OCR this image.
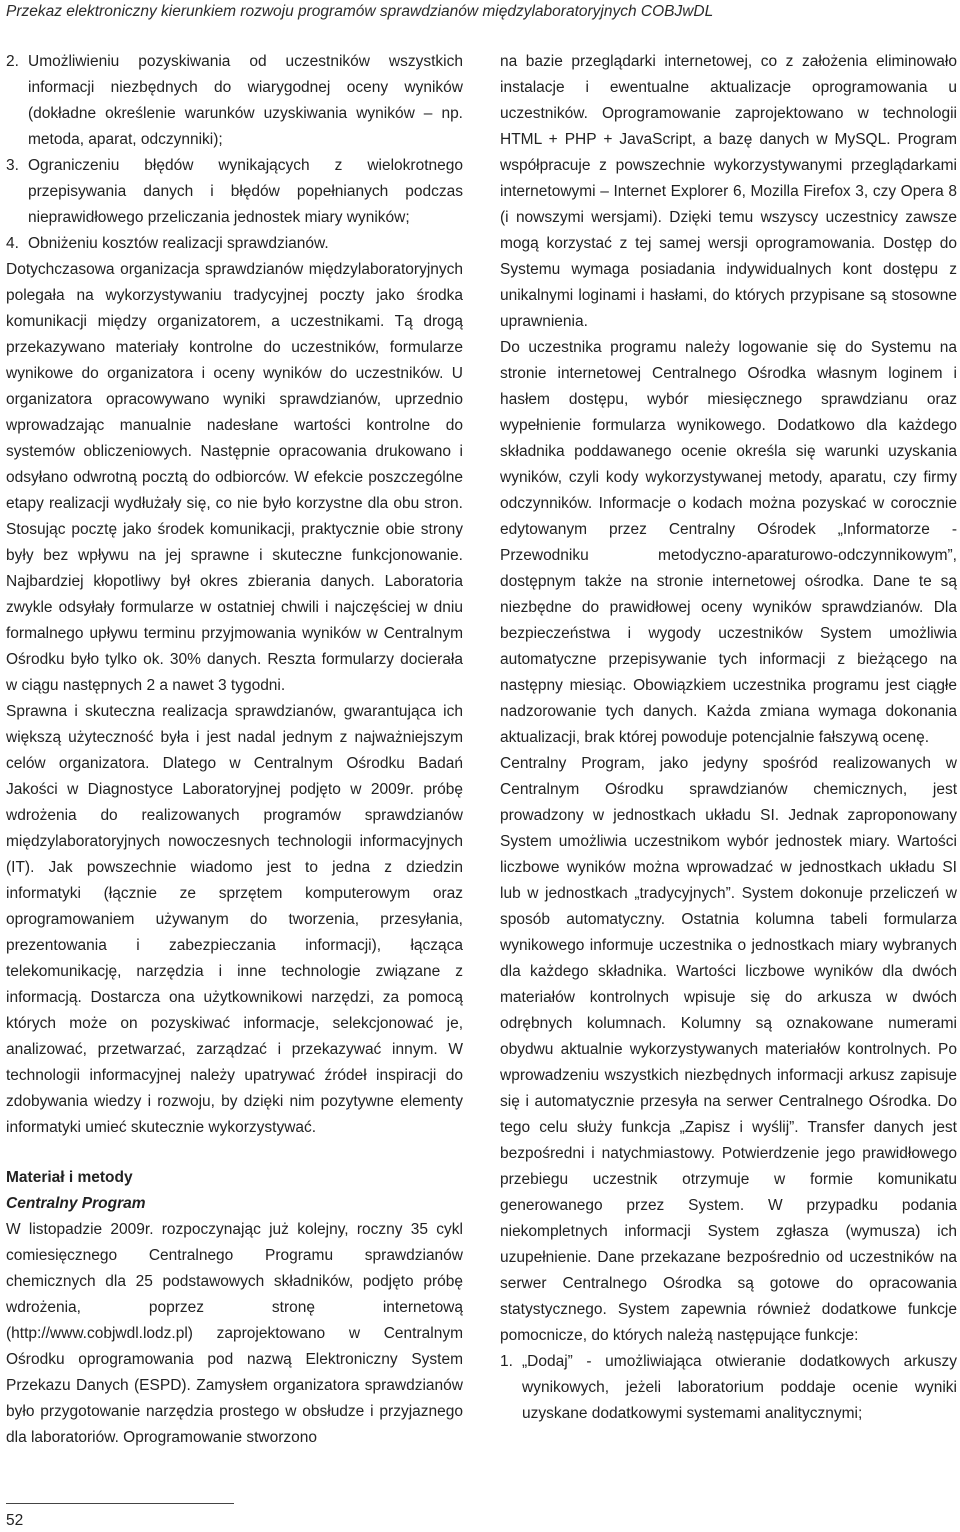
Przekaz elektroniczny kierunkiem rozwoju programów sprawdzianów międzylaboratoryjnych COBJwDL
2. Umożliwieniu pozyskiwania od uczestników wszystkich informacji niezbędnych do wiarygodnej oceny wyników (dokładne określenie warunków uzyskiwania wyników – np. metoda, aparat, odczynniki);
3. Ograniczeniu błędów wynikających z wielokrotnego przepisywania danych i błędów popełnianych podczas nieprawidłowego przeliczania jednostek miary wyników;
4. Obniżeniu kosztów realizacji sprawdzianów.

Dotychczasowa organizacja sprawdzianów międzylaboratoryjnych polegała na wykorzystywaniu tradycyjnej poczty jako środka komunikacji między organizatorem, a uczestnikami. Tą drogą przekazywano materiały kontrolne do uczestników, formularze wynikowe do organizatora i oceny wyników do uczestników. U organizatora opracowywano wyniki sprawdzianów, uprzednio wprowadzając manualnie nadesłane wartości kontrolne do systemów obliczeniowych. Następnie opracowania drukowano i odsyłano odwrotną pocztą do odbiorców. W efekcie poszczególne etapy realizacji wydłużały się, co nie było korzystne dla obu stron. Stosując pocztę jako środek komunikacji, praktycznie obie strony były bez wpływu na jej sprawne i skuteczne funkcjonowanie. Najbardziej kłopotliwy był okres zbierania danych. Laboratoria zwykle odsyłały formularze w ostatniej chwili i najczęściej w dniu formalnego upływu terminu przyjmowania wyników w Centralnym Ośrodku było tylko ok. 30% danych. Reszta formularzy docierała w ciągu następnych 2 a nawet 3 tygodni.

Sprawna i skuteczna realizacja sprawdzianów, gwarantująca ich większą użyteczność była i jest nadal jednym z najważniejszym celów organizatora. Dlatego w Centralnym Ośrodku Badań Jakości w Diagnostyce Laboratoryjnej podjęto w 2009r. próbę wdrożenia do realizowanych programów sprawdzianów międzylaboratoryjnych nowoczesnych technologii informacyjnych (IT). Jak powszechnie wiadomo jest to jedna z dziedzin informatyki (łącznie ze sprzętem komputerowym oraz oprogramowaniem używanym do tworzenia, przesyłania, prezentowania i zabezpieczania informacji), łącząca telekomunikację, narzędzia i inne technologie związane z informacją. Dostarcza ona użytkownikowi narzędzi, za pomocą których może on pozyskiwać informacje, selekcjonować je, analizować, przetwarzać, zarządzać i przekazywać innym. W technologii informacyjnej należy upatrywać źródeł inspiracji do zdobywania wiedzy i rozwoju, by dzięki nim pozytywne elementy informatyki umieć skutecznie wykorzystywać.

Materiał i metody
Centralny Program

W listopadzie 2009r. rozpoczynając już kolejny, roczny 35 cykl comiesięcznego Centralnego Programu sprawdzianów chemicznych dla 25 podstawowych składników, podjęto próbę wdrożenia, poprzez stronę internetową (http://www.cobjwdl.lodz.pl) zaprojektowano w Centralnym Ośrodku oprogramowania pod nazwą Elektroniczny System Przekazu Danych (ESPD). Zamysłem organizatora sprawdzianów było przygotowanie narzędzia prostego w obsłudze i przyjaznego dla laboratoriów. Oprogramowanie stworzono

na bazie przeglądarki internetowej, co z założenia eliminowało instalacje i ewentualne aktualizacje oprogramowania u uczestników. Oprogramowanie zaprojektowano w technologii HTML + PHP + JavaScript, a bazę danych w MySQL. Program współpracuje z powszechnie wykorzystywanymi przeglądarkami internetowymi – Internet Explorer 6, Mozilla Firefox 3, czy Opera 8 (i nowszymi wersjami). Dzięki temu wszyscy uczestnicy zawsze mogą korzystać z tej samej wersji oprogramowania. Dostęp do Systemu wymaga posiadania indywidualnych kont dostępu z unikalnymi loginami i hasłami, do których przypisane są stosowne uprawnienia.

Do uczestnika programu należy logowanie się do Systemu na stronie internetowej Centralnego Ośrodka własnym loginem i hasłem dostępu, wybór miesięcznego sprawdzianu oraz wypełnienie formularza wynikowego. Dodatkowo dla każdego składnika poddawanego ocenie określa się warunki uzyskania wyników, czyli kody wykorzystywanej metody, aparatu, czy firmy odczynników. Informacje o kodach można pozyskać w corocznie edytowanym przez Centralny Ośrodek „Informatorze - Przewodniku metodyczno-aparaturowo-odczynnikowym”, dostępnym także na stronie internetowej ośrodka. Dane te są niezbędne do prawidłowej oceny wyników sprawdzianów. Dla bezpieczeństwa i wygody uczestników System umożliwia automatyczne przepisywanie tych informacji z bieżącego na następny miesiąc. Obowiązkiem uczestnika programu jest ciągłe nadzorowanie tych danych. Każda zmiana wymaga dokonania aktualizacji, brak której powoduje potencjalnie fałszywą ocenę.

Centralny Program, jako jedyny spośród realizowanych w Centralnym Ośrodku sprawdzianów chemicznych, jest prowadzony w jednostkach układu SI. Jednak zaproponowany System umożliwia uczestnikom wybór jednostek miary. Wartości liczbowe wyników można wprowadzać w jednostkach układu SI lub w jednostkach „tradycyjnych”. System dokonuje przeliczeń w sposób automatyczny. Ostatnia kolumna tabeli formularza wynikowego informuje uczestnika o jednostkach miary wybranych dla każdego składnika. Wartości liczbowe wyników dla dwóch materiałów kontrolnych wpisuje się do arkusza w dwóch odrębnych kolumnach. Kolumny są oznakowane numerami obydwu aktualnie wykorzystywanych materiałów kontrolnych. Po wprowadzeniu wszystkich niezbędnych informacji arkusz zapisuje się i automatycznie przesyła na serwer Centralnego Ośrodka. Do tego celu służy funkcja „Zapisz i wyślij”. Transfer danych jest bezpośredni i natychmiastowy. Potwierdzenie jego prawidłowego przebiegu uczestnik otrzymuje w formie komunikatu generowanego przez System. W przypadku podania niekompletnych informacji System zgłasza (wymusza) ich uzupełnienie. Dane przekazane bezpośrednio od uczestników na serwer Centralnego Ośrodka są gotowe do opracowania statystycznego. System zapewnia również dodatkowe funkcje pomocnicze, do których należą następujące funkcje:

1. „Dodaj” - umożliwiająca otwieranie dodatkowych arkuszy wynikowych, jeżeli laboratorium poddaje ocenie wyniki uzyskane dodatkowymi systemami analitycznymi;
52
